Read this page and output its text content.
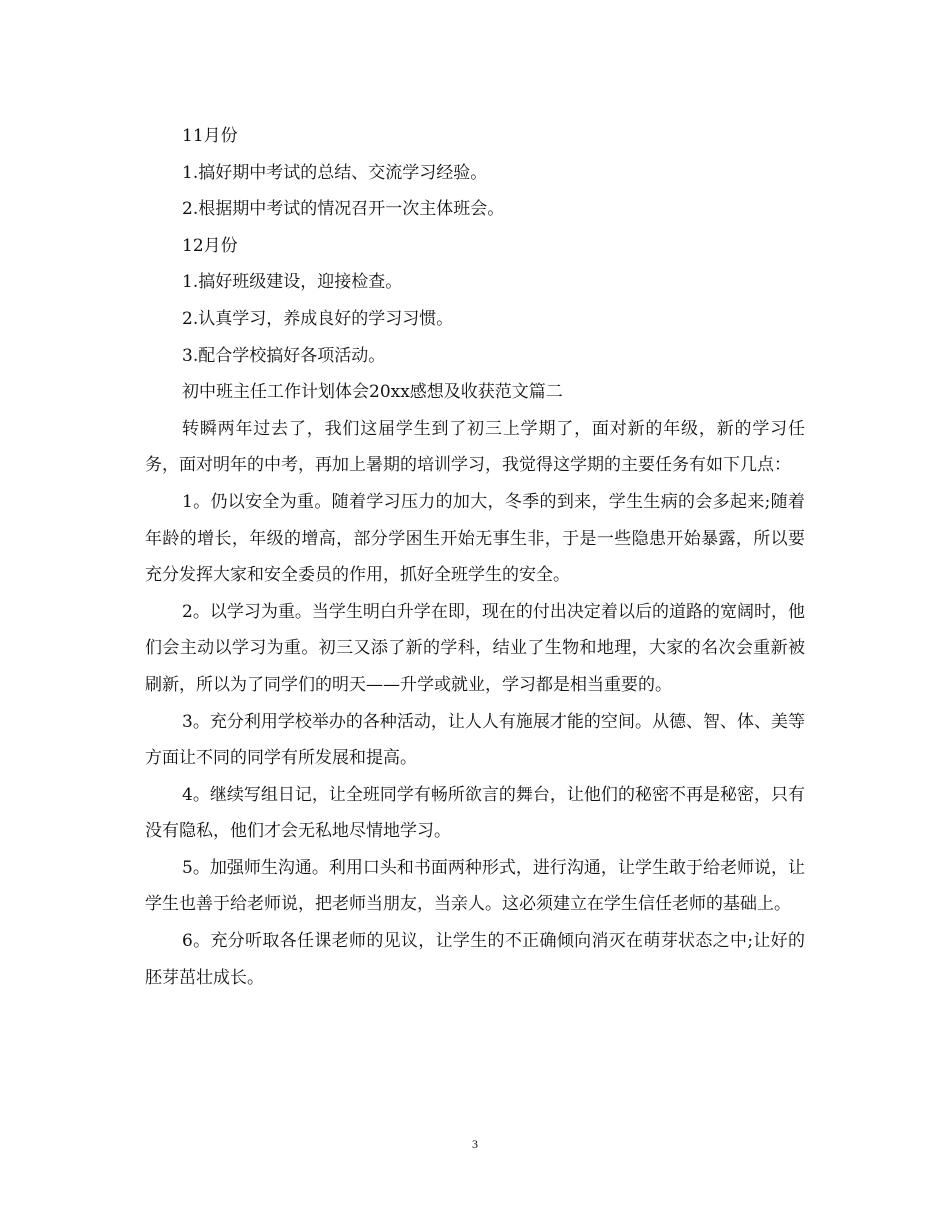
11月份

1.搞好期中考试的总结、交流学习经验。

2.根据期中考试的情况召开一次主体班会。

12月份

1.搞好班级建设，迎接检查。

2.认真学习，养成良好的学习习惯。

3.配合学校搞好各项活动。

初中班主任工作计划体会20xx感想及收获范文篇二

转瞬两年过去了，我们这届学生到了初三上学期了，面对新的年级，新的学习任务，面对明年的中考，再加上暑期的培训学习，我觉得这学期的主要任务有如下几点：

1。仍以安全为重。随着学习压力的加大，冬季的到来，学生生病的会多起来;随着年龄的增长，年级的增高，部分学困生开始无事生非，于是一些隐患开始暴露，所以要充分发挥大家和安全委员的作用，抓好全班学生的安全。

2。以学习为重。当学生明白升学在即，现在的付出决定着以后的道路的宽阔时，他们会主动以学习为重。初三又添了新的学科，结业了生物和地理，大家的名次会重新被刷新，所以为了同学们的明天——升学或就业，学习都是相当重要的。

3。充分利用学校举办的各种活动，让人人有施展才能的空间。从德、智、体、美等方面让不同的同学有所发展和提高。

4。继续写组日记，让全班同学有畅所欲言的舞台，让他们的秘密不再是秘密，只有没有隐私，他们才会无私地尽情地学习。

5。加强师生沟通。利用口头和书面两种形式，进行沟通，让学生敢于给老师说，让学生也善于给老师说，把老师当朋友，当亲人。这必须建立在学生信任老师的基础上。

6。充分听取各任课老师的见议，让学生的不正确倾向消灭在萌芽状态之中;让好的胚芽茁壮成长。

3
